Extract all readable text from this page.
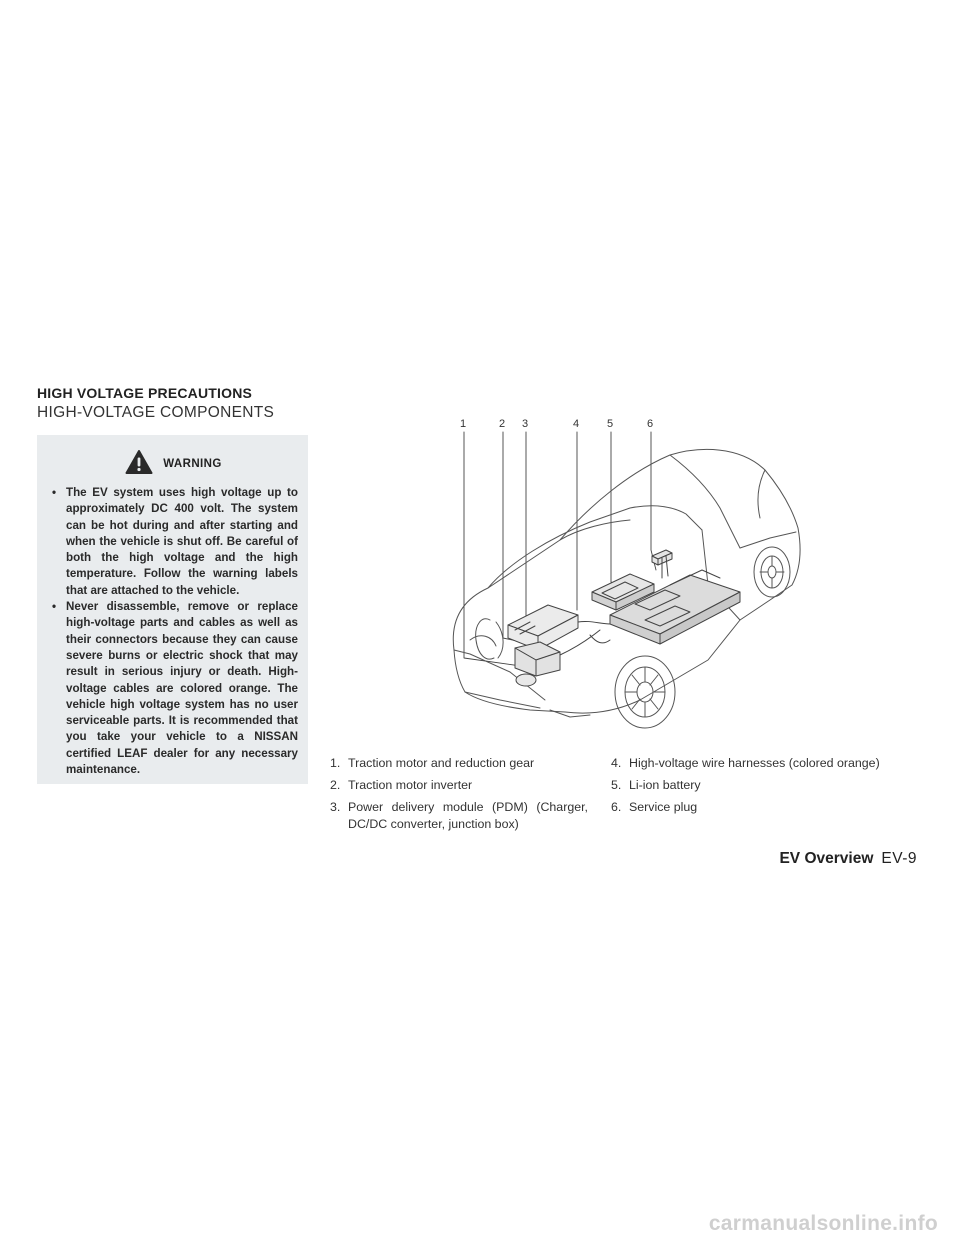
HIGH VOLTAGE PRECAUTIONS
HIGH-VOLTAGE COMPONENTS
WARNING
• The EV system uses high voltage up to approximately DC 400 volt. The system can be hot during and after starting and when the vehicle is shut off. Be careful of both the high voltage and the high temperature. Follow the warning labels that are attached to the vehicle.
• Never disassemble, remove or replace high-voltage parts and cables as well as their connectors because they can cause severe burns or electric shock that may result in serious injury or death. High-voltage cables are colored orange. The vehicle high voltage system has no user serviceable parts. It is recommended that you take your vehicle to a NISSAN certified LEAF dealer for any necessary maintenance.
1	2 3	4	5	6
1. Traction motor and reduction gear
2. Traction motor inverter
3. Power delivery module (PDM) (Charger, DC/DC converter, junction box)
4. High-voltage wire harnesses (colored orange)
5. Li-ion battery
6. Service plug
EV Overview EV-9
carmanualsonline.info
